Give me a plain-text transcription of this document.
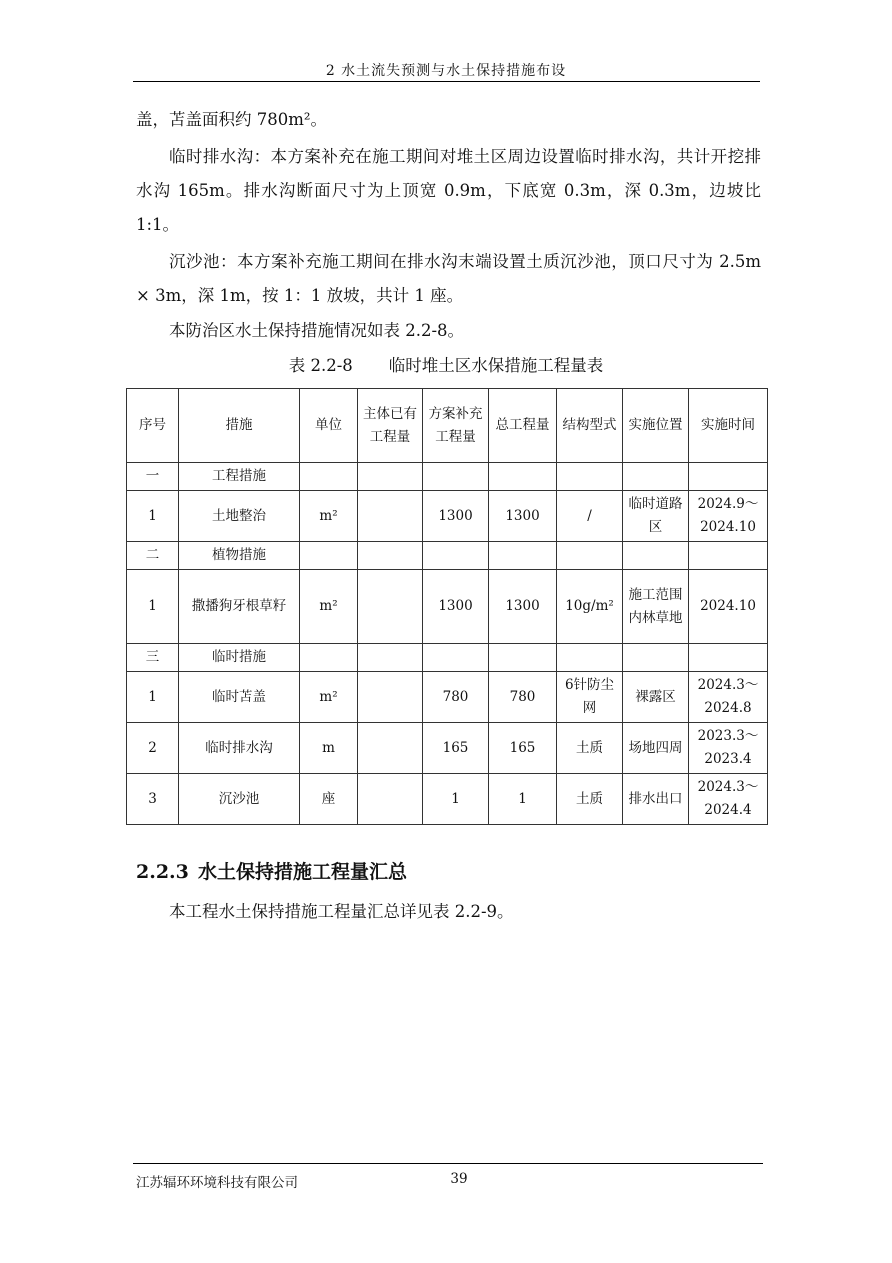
2 水土流失预测与水土保持措施布设

盖，苫盖面积约 780m²。

临时排水沟：本方案补充在施工期间对堆土区周边设置临时排水沟，共计开挖排水沟 165m。排水沟断面尺寸为上顶宽 0.9m，下底宽 0.3m，深 0.3m，边坡比 1:1。

沉沙池：本方案补充施工期间在排水沟末端设置土质沉沙池，顶口尺寸为 2.5m × 3m，深 1m，按 1：1 放坡，共计 1 座。

本防治区水土保持措施情况如表 2.2-8。

表 2.2-8 临时堆土区水保措施工程量表
序号	措施	单位	主体已有工程量	方案补充工程量	总工程量	结构型式	实施位置	实施时间
一	工程措施							
1	土地整治	m²		1300	1300	/	临时道路区	2024.9～2024.10
二	植物措施							
1	撒播狗牙根草籽	m²		1300	1300	10g/m²	施工范围内林草地	2024.10
三	临时措施							
1	临时苫盖	m²		780	780	6针防尘网	裸露区	2024.3～2024.8
2	临时排水沟	m		165	165	土质	场地四周	2023.3～2023.4
3	沉沙池	座		1	1	土质	排水出口	2024.3～2024.4
2.2.3 水土保持措施工程量汇总

本工程水土保持措施工程量汇总详见表 2.2-9。

江苏辐环环境科技有限公司	39
